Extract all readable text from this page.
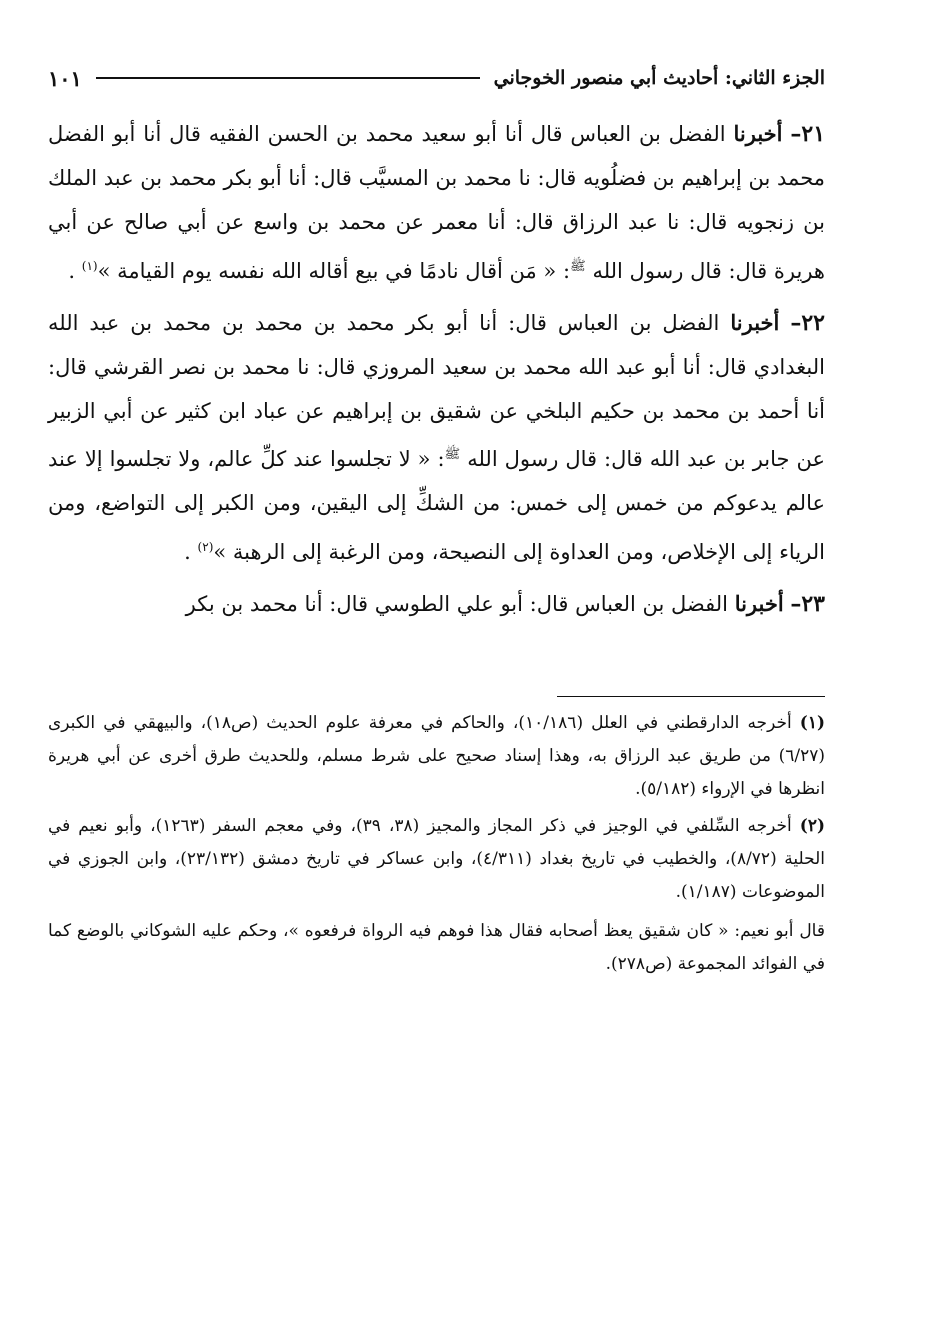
الجزء الثاني: أحاديث أبي منصور الخوجاني
١٠١

٢١– أخبرنا الفضل بن العباس قال أنا أبو سعيد محمد بن الحسن الفقيه قال أنا أبو الفضل محمد بن إبراهيم بن فضلُويه قال: نا محمد بن المسيَّب قال: أنا أبو بكر محمد بن عبد الملك بن زنجويه قال: نا عبد الرزاق قال: أنا معمر عن محمد بن واسع عن أبي صالح عن أبي هريرة قال: قال رسول الله $^ﷺ$: « مَن أقال نادمًا في بيع أقاله الله نفسه يوم القيامة »$^{(١)}$ .

٢٢– أخبرنا الفضل بن العباس قال: أنا أبو بكر محمد بن محمد بن محمد بن عبد الله البغدادي قال: أنا أبو عبد الله محمد بن سعيد المروزي قال: نا محمد بن نصر القرشي قال: أنا أحمد بن محمد بن حكيم البلخي عن شقيق بن إبراهيم عن عباد ابن كثير عن أبي الزبير عن جابر بن عبد الله قال: قال رسول الله $^ﷺ$: « لا تجلسوا عند كلِّ عالم، ولا تجلسوا إلا عند عالم يدعوكم من خمس إلى خمس: من الشكِّ إلى اليقين، ومن الكبر إلى التواضع، ومن الرياء إلى الإخلاص، ومن العداوة إلى النصيحة، ومن الرغبة إلى الرهبة »$^{(٢)}$ .

٢٣– أخبرنا الفضل بن العباس قال: أبو علي الطوسي قال: أنا محمد بن بكر

(١) أخرجه الدارقطني في العلل (١٠/١٨٦)، والحاكم في معرفة علوم الحديث (ص١٨)، والبيهقي في الكبرى (٦/٢٧) من طريق عبد الرزاق به، وهذا إسناد صحيح على شرط مسلم، وللحديث طرق أخرى عن أبي هريرة انظرها في الإرواء (٥/١٨٢).

(٢) أخرجه السِّلفي في الوجيز في ذكر المجاز والمجيز (٣٨، ٣٩)، وفي معجم السفر (١٢٦٣)، وأبو نعيم في الحلية (٨/٧٢)، والخطيب في تاريخ بغداد (٤/٣١١)، وابن عساكر في تاريخ دمشق (٢٣/١٣٢)، وابن الجوزي في الموضوعات (١/١٨٧).

قال أبو نعيم: « كان شقيق يعظ أصحابه فقال هذا فوهم فيه الرواة فرفعوه »، وحكم عليه الشوكاني بالوضع كما في الفوائد المجموعة (ص٢٧٨).
